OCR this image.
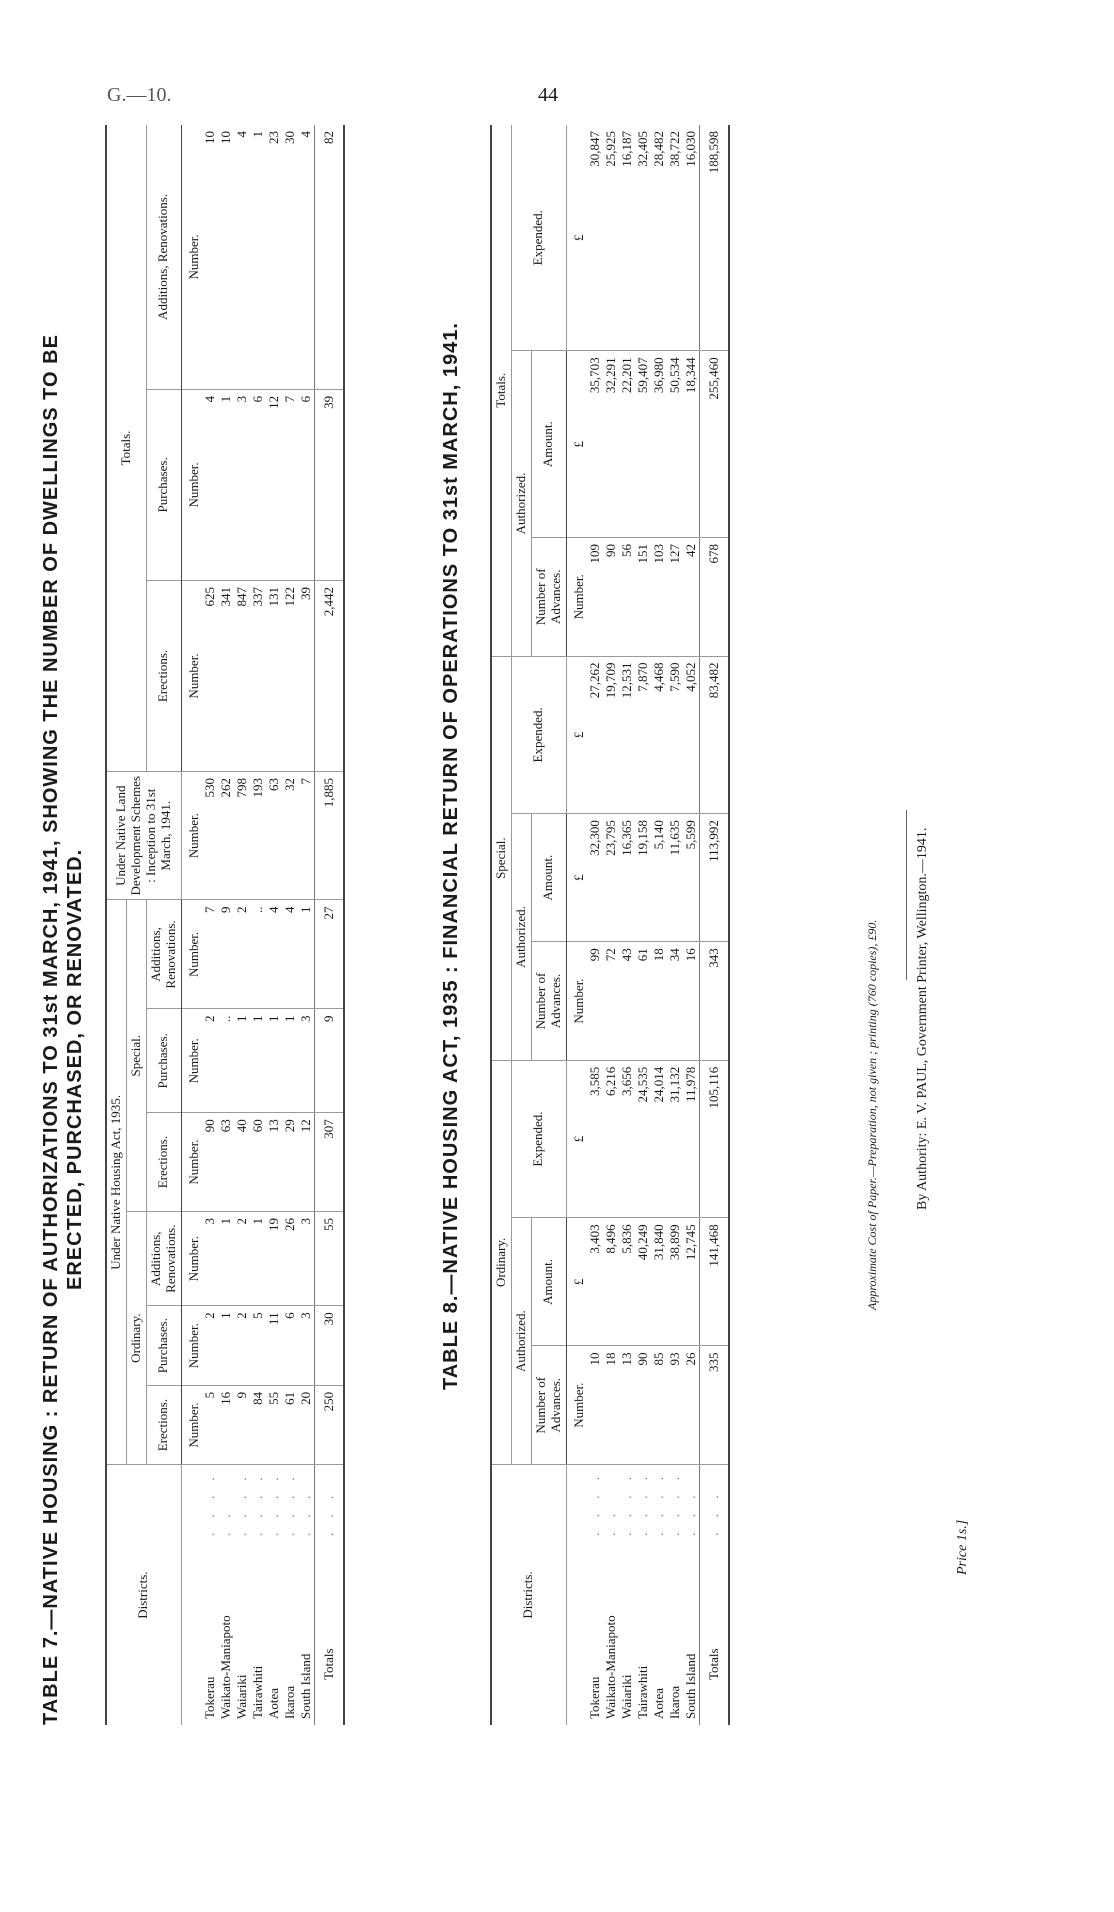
G.—10.	44
TABLE 7.—NATIVE HOUSING : RETURN OF AUTHORIZATIONS TO 31st MARCH, 1941, SHOWING THE NUMBER OF DWELLINGS TO BE ERECTED, PURCHASED, OR RENOVATED.
Districts.		Under Native Housing Act, 1935.						Under Native Land Development Schemes : Inception to 31st March, 1941.	Totals.		
		Ordinary.			Special.						
		Erections.	Purchases.	Additions, Renovations.	Erections.	Purchases.	Additions, Renovations.		Erections.	Purchases.	Additions, Renovations.
		Number.	Number.	Number.	Number.	Number.	Number.	Number.	Number.	Number.	Number.
Tokerau	. . . .	5	2	3	90	2	7	530	625	4	10
Waikato-Maniapoto	. .	16	1	1	63	..	9	262	341	1	10
Waiariki	. . . .	9	2	2	40	1	2	798	847	3	4
Tairawhiti	. . . .	84	5	1	60	1	..	193	337	6	1
Aotea	. . . .	55	11	19	13	1	4	63	131	12	23
Ikaroa	. . . .	61	6	26	29	1	4	32	122	7	30
South Island	. . .	20	3	3	12	3	1	7	39	6	4
Totals	. . .	250	30	55	307	9	27	1,885	2,442	39	82
TABLE 8.—NATIVE HOUSING ACT, 1935 : FINANCIAL RETURN OF OPERATIONS TO 31st MARCH, 1941.
Districts.		Ordinary.			Special.			Totals.		
		Authorized.		Expended.	Authorized.		Expended.	Authorized.		Expended.
		Number of Advances.	Amount.		Number of Advances.	Amount.		Number of Advances.	Amount.	
		Number.	£	£	Number.	£	£	Number.	£	£
Tokerau	. . . .	10	3,403	3,585	99	32,300	27,262	109	35,703	30,847
Waikato-Maniapoto	. .	18	8,496	6,216	72	23,795	19,709	90	32,291	25,925
Waiariki	. . . .	13	5,836	3,656	43	16,365	12,531	56	22,201	16,187
Tairawhiti	. . . .	90	40,249	24,535	61	19,158	7,870	151	59,407	32,405
Aotea	. . . .	85	31,840	24,014	18	5,140	4,468	103	36,980	28,482
Ikaroa	. . . .	93	38,899	31,132	34	11,635	7,590	127	50,534	38,722
South Island	. . .	26	12,745	11,978	16	5,599	4,052	42	18,344	16,030
Totals	. . .	335	141,468	105,116	343	113,992	83,482	678	255,460	188,598
Approximate Cost of Paper.—Preparation, not given ; printing (760 copies), £90.	By Authority: E. V. PAUL, Government Printer, Wellington.—1941.
Price 1s.]
